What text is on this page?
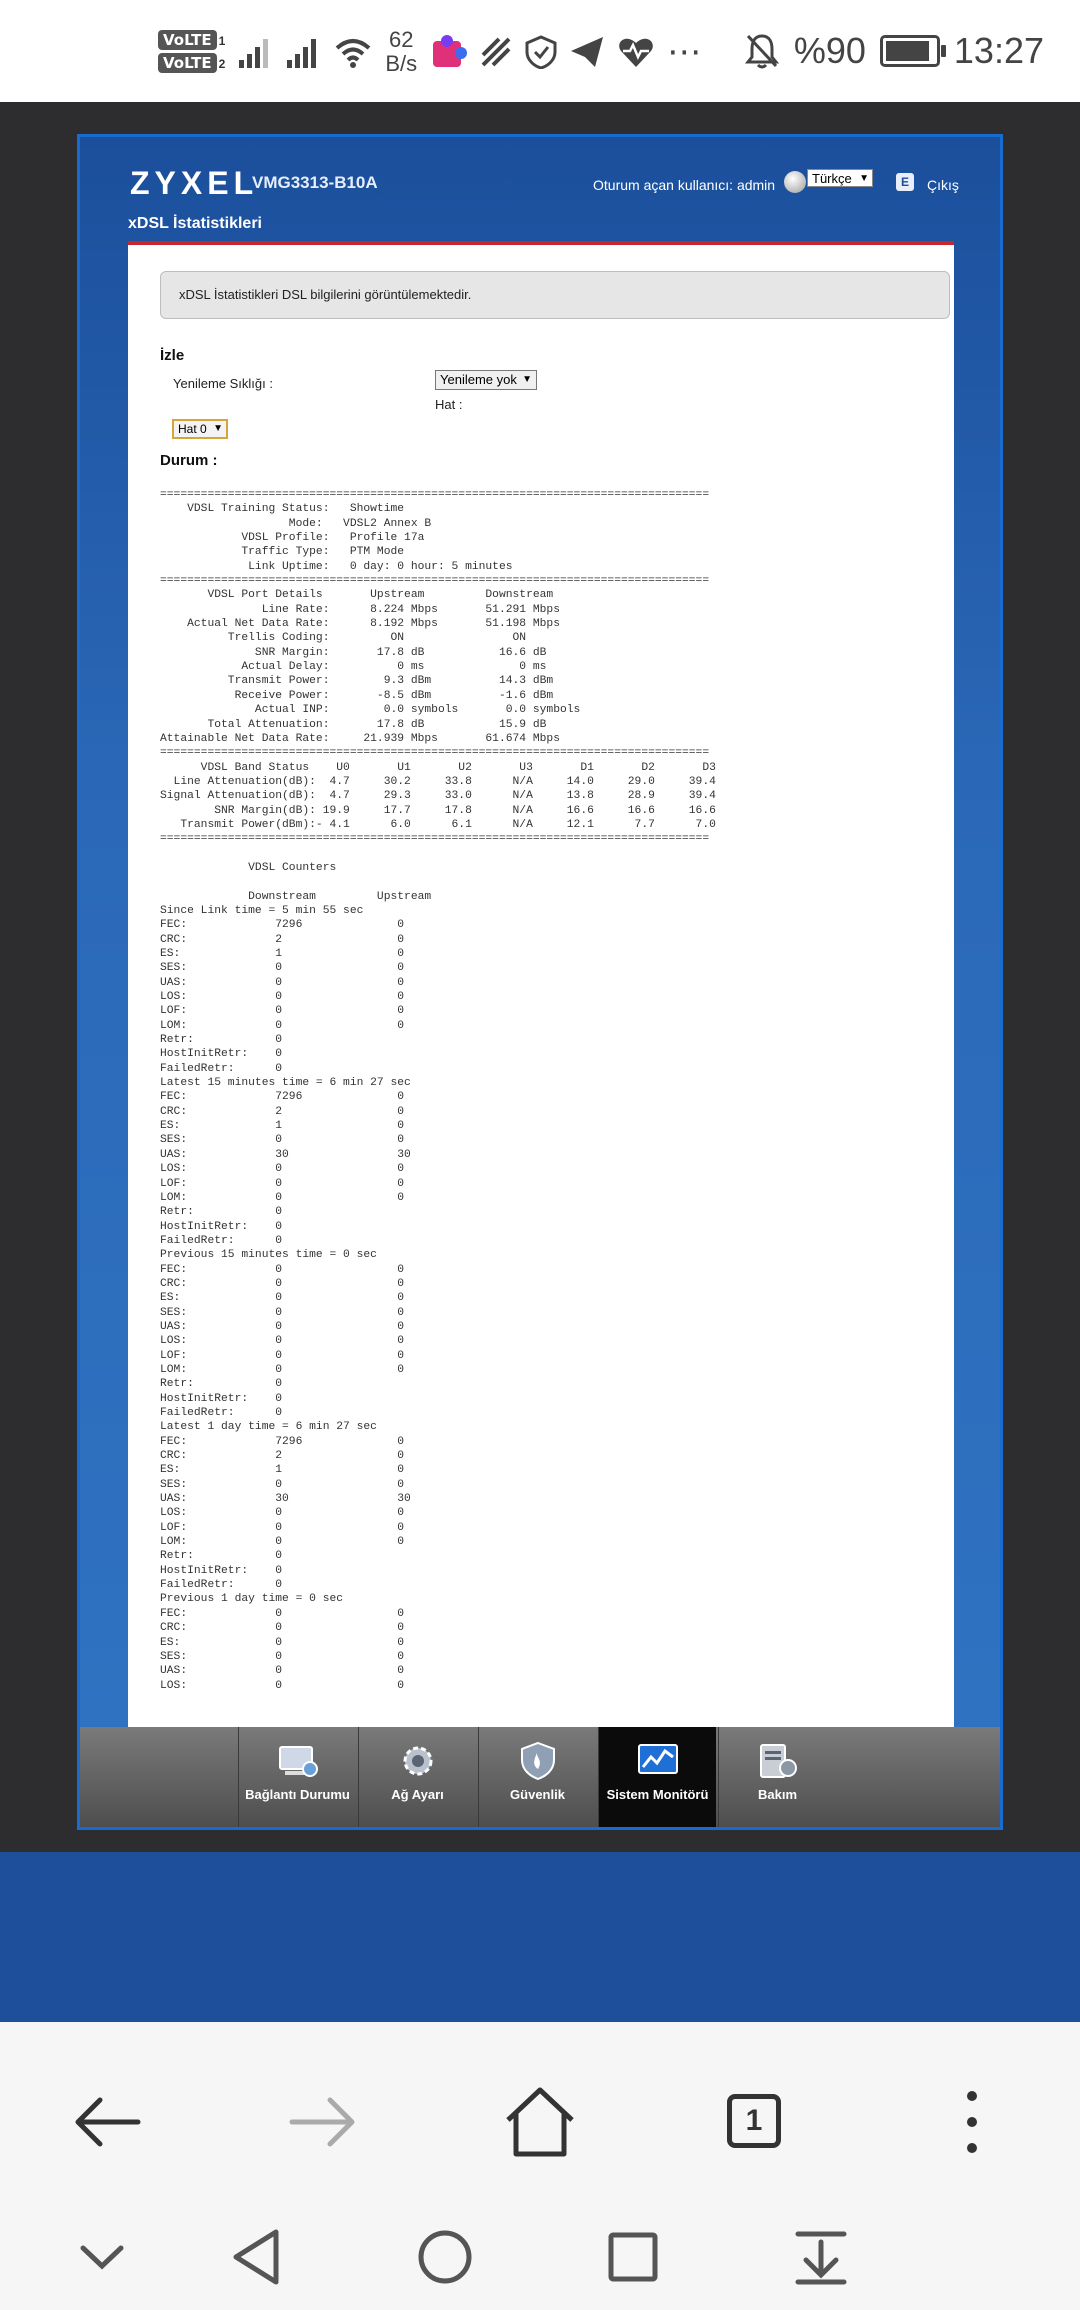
VoLTE 1
VoLTE 2
62
B/s	⋯	%90 13:27
ZYXEL
VMG3313-B10A	Oturum açan kullanıcı: admin	Türkçe ▼	E	Çıkış
xDSL İstatistikleri
xDSL İstatistikleri DSL bilgilerini görüntülemektedir.
İzle
Yenileme Sıklığı :	Yenileme yok ▼
Hat :
Hat 0 ▼
Durum :
=================================================================================
VDSL Training Status:   Showtime
Mode:   VDSL2 Annex B
VDSL Profile:   Profile 17a
Traffic Type:   PTM Mode
Link Uptime:   0 day: 0 hour: 5 minutes
=================================================================================
VDSL Port Details       Upstream         Downstream
Line Rate:      8.224 Mbps       51.291 Mbps
Actual Net Data Rate:      8.192 Mbps       51.198 Mbps
Trellis Coding:         ON                ON
SNR Margin:       17.8 dB           16.6 dB
Actual Delay:          0 ms              0 ms
Transmit Power:        9.3 dBm          14.3 dBm
Receive Power:       -8.5 dBm          -1.6 dBm
Actual INP:        0.0 symbols       0.0 symbols
Total Attenuation:       17.8 dB           15.9 dB
Attainable Net Data Rate:     21.939 Mbps       61.674 Mbps
=================================================================================
VDSL Band Status    U0       U1       U2       U3       D1       D2       D3
Line Attenuation(dB):  4.7     30.2     33.8      N/A     14.0     29.0     39.4
Signal Attenuation(dB):  4.7     29.3     33.0      N/A     13.8     28.9     39.4
SNR Margin(dB): 19.9     17.7     17.8      N/A     16.6     16.6     16.6
Transmit Power(dBm):- 4.1      6.0      6.1      N/A     12.1      7.7      7.0
=================================================================================

VDSL Counters

Downstream         Upstream
Since Link time = 5 min 55 sec
FEC:             7296              0
CRC:             2                 0
ES:              1                 0
SES:             0                 0
UAS:             0                 0
LOS:             0                 0
LOF:             0                 0
LOM:             0                 0
Retr:            0
HostInitRetr:    0
FailedRetr:      0
Latest 15 minutes time = 6 min 27 sec
FEC:             7296              0
CRC:             2                 0
ES:              1                 0
SES:             0                 0
UAS:             30                30
LOS:             0                 0
LOF:             0                 0
LOM:             0                 0
Retr:            0
HostInitRetr:    0
FailedRetr:      0
Previous 15 minutes time = 0 sec
FEC:             0                 0
CRC:             0                 0
ES:              0                 0
SES:             0                 0
UAS:             0                 0
LOS:             0                 0
LOF:             0                 0
LOM:             0                 0
Retr:            0
HostInitRetr:    0
FailedRetr:      0
Latest 1 day time = 6 min 27 sec
FEC:             7296              0
CRC:             2                 0
ES:              1                 0
SES:             0                 0
UAS:             30                30
LOS:             0                 0
LOF:             0                 0
LOM:             0                 0
Retr:            0
HostInitRetr:    0
FailedRetr:      0
Previous 1 day time = 0 sec
FEC:             0                 0
CRC:             0                 0
ES:              0                 0
SES:             0                 0
UAS:             0                 0
LOS:             0                 0
Bağlantı Durumu	Ağ Ayarı	Güvenlik	Sistem Monitörü	Bakım
1
